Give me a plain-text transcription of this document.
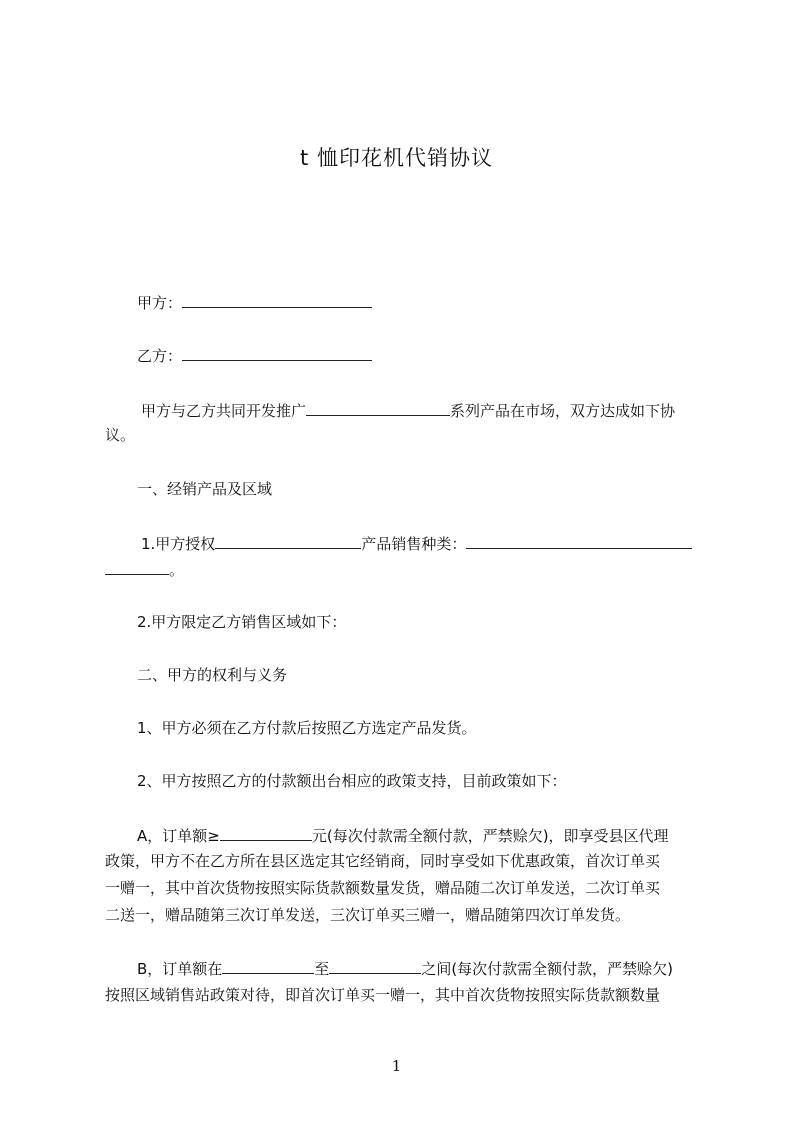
t 恤印花机代销协议
甲方：
乙方：
甲方与乙方共同开发推广	系列产品在市场，双方达成如下协
议。
一、经销产品及区域
1.甲方授权	产品销售种类：
。
2.甲方限定乙方销售区域如下：
二、甲方的权利与义务
1、甲方必须在乙方付款后按照乙方选定产品发货。
2、甲方按照乙方的付款额出台相应的政策支持，目前政策如下：
A，订单额≥	元(每次付款需全额付款，严禁赊欠)，即享受县区代理
政策，甲方不在乙方所在县区选定其它经销商，同时享受如下优惠政策，首次订单买
一赠一，其中首次货物按照实际货款额数量发货，赠品随二次订单发送，二次订单买
二送一，赠品随第三次订单发送，三次订单买三赠一，赠品随第四次订单发货。
B，订单额在	至	之间(每次付款需全额付款，严禁赊欠)
按照区域销售站政策对待，即首次订单买一赠一，其中首次货物按照实际货款额数量
1
